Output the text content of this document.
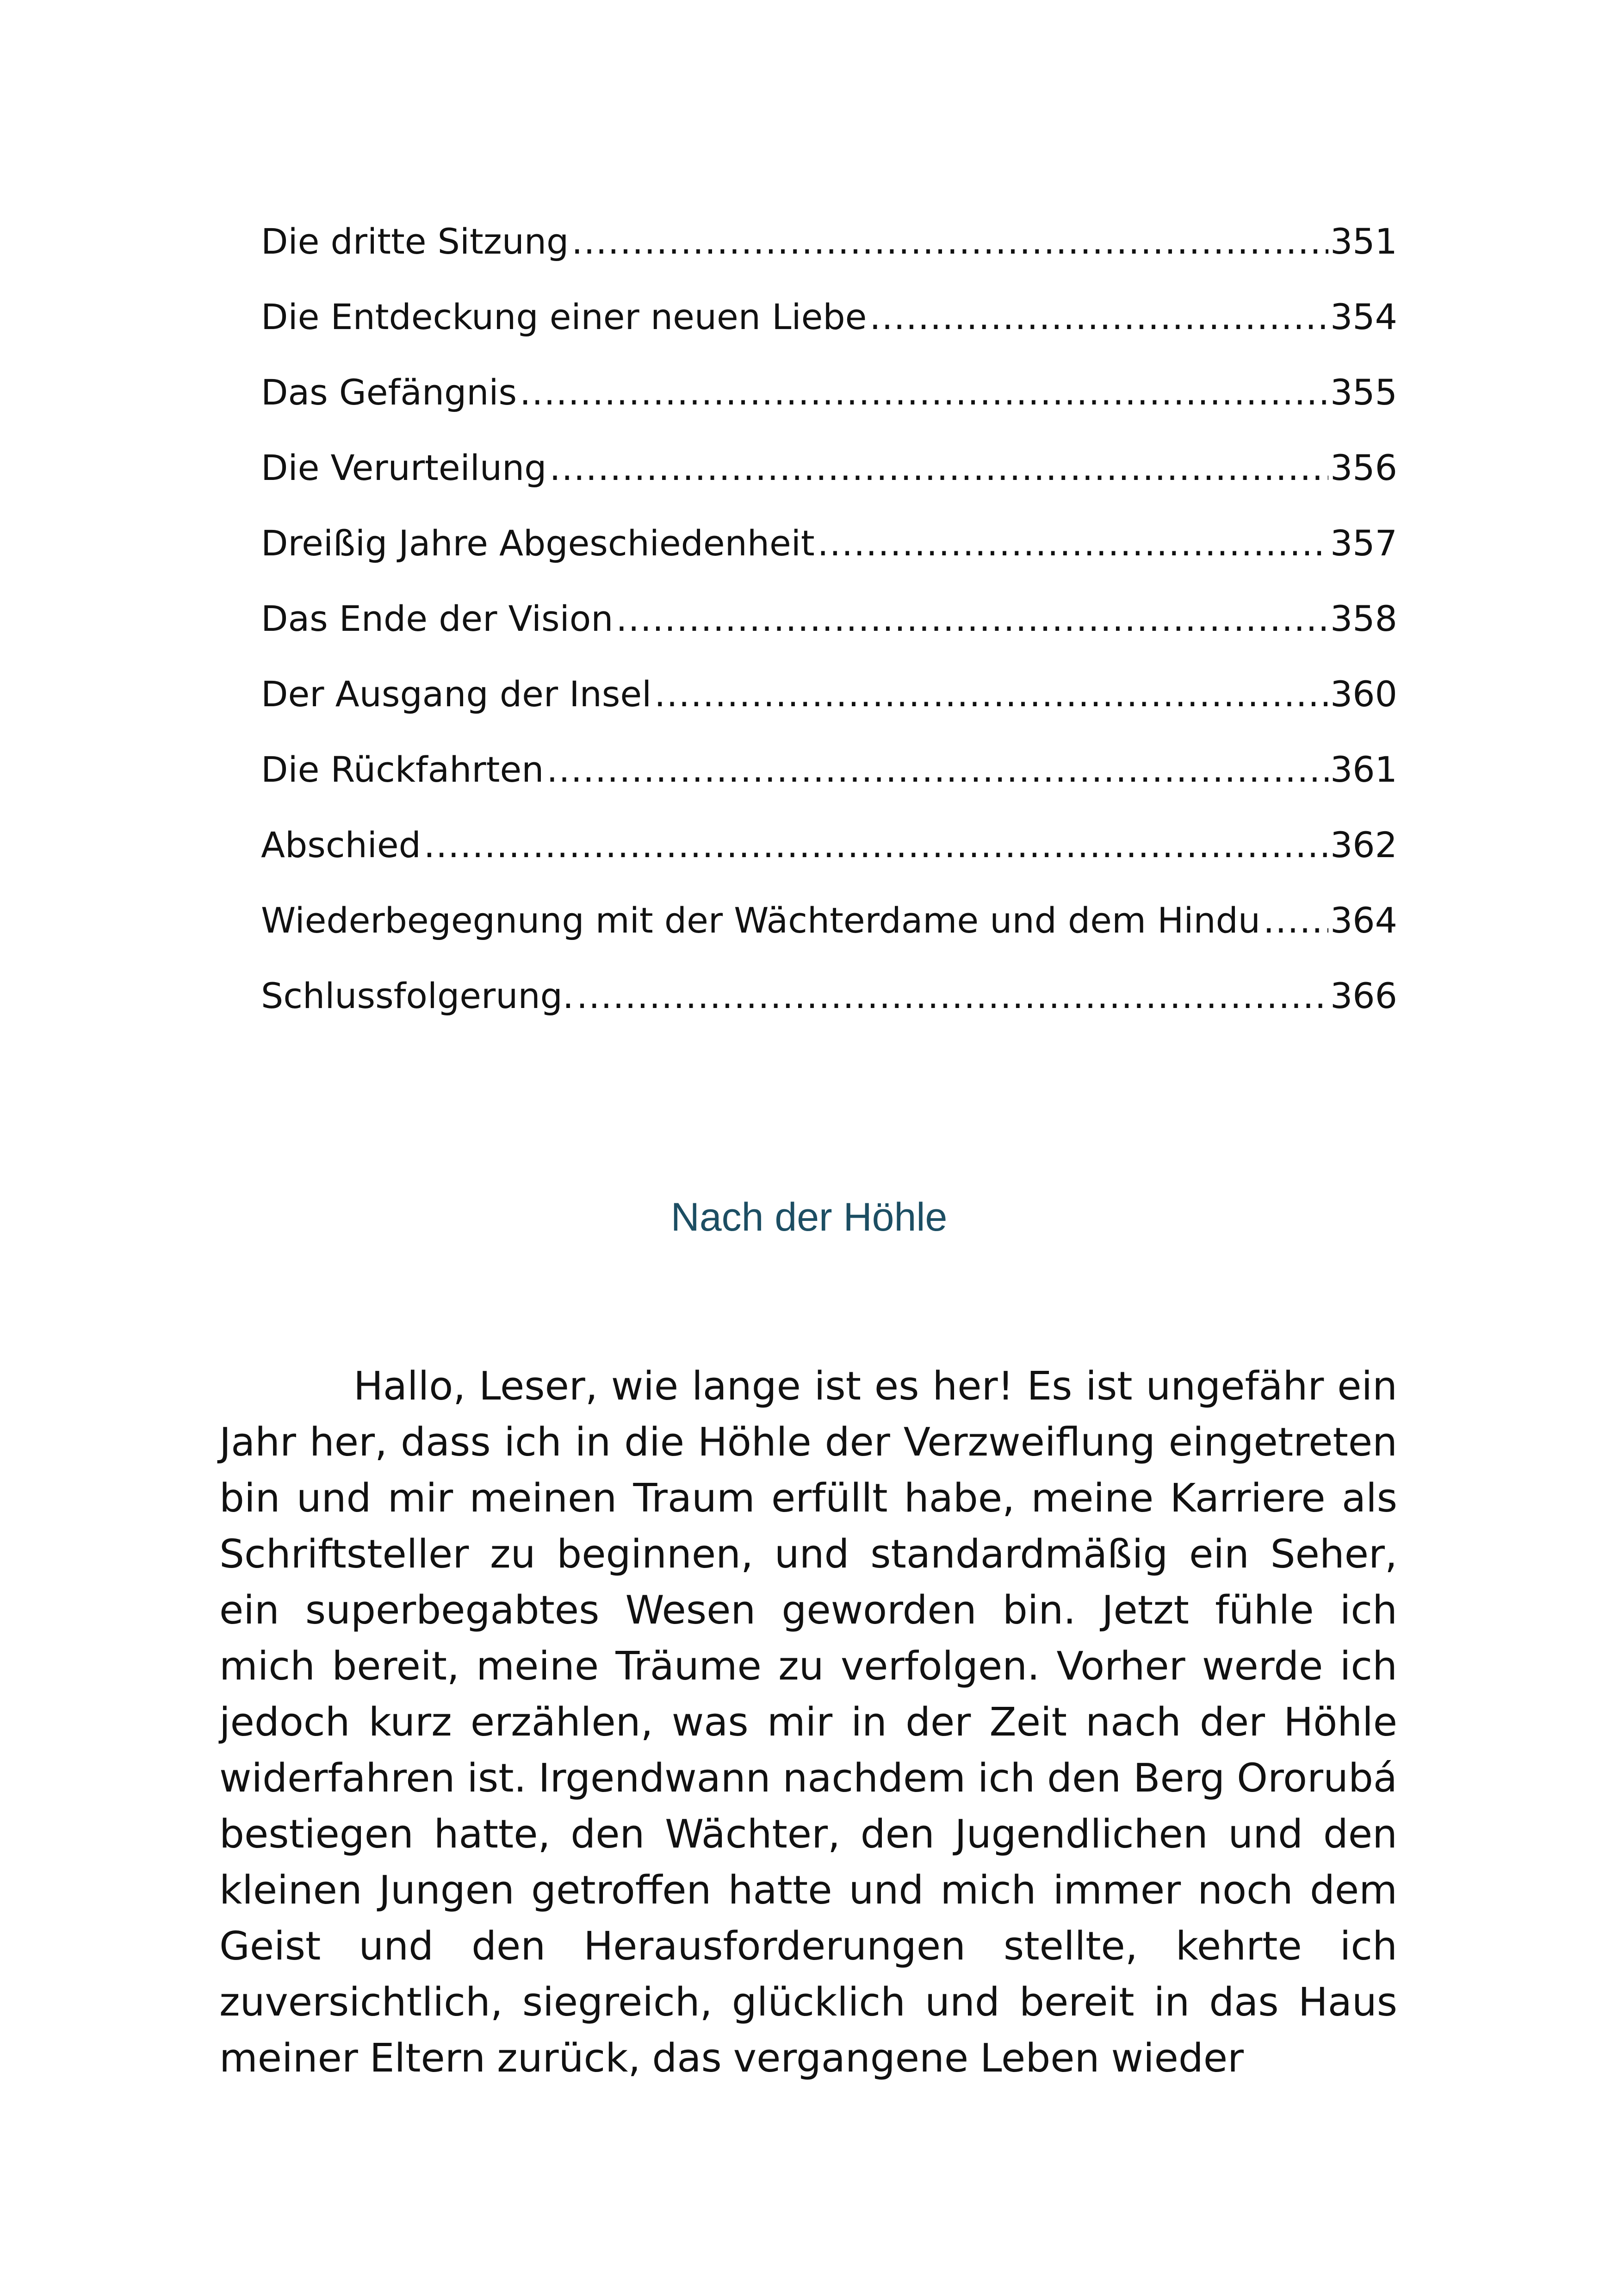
Die dritte Sitzung .....	351
Die Entdeckung einer neuen Liebe .....	354
Das Gefängnis .....	355
Die Verurteilung .....	356
Dreißig Jahre Abgeschiedenheit .....	357
Das Ende der Vision .....	358
Der Ausgang der Insel .....	360
Die Rückfahrten .....	361
Abschied .....	362
Wiederbegegnung mit der Wächterdame und dem Hindu ..... 364
Schlussfolgerung. .....	366
Nach der Höhle

Hallo, Leser, wie lange ist es her! Es ist ungefähr ein Jahr her, dass ich in die Höhle der Verzweiflung eingetreten bin und mir meinen Traum erfüllt habe, meine Karriere als Schriftsteller zu beginnen, und standardmäßig ein Seher, ein superbegabtes Wesen geworden bin. Jetzt fühle ich mich bereit, meine Träume zu verfolgen. Vorher werde ich jedoch kurz erzählen, was mir in der Zeit nach der Höhle widerfahren ist. Irgendwann nachdem ich den Berg Ororubá bestiegen hatte, den Wächter, den Jugendlichen und den kleinen Jungen getroffen hatte und mich immer noch dem Geist und den Herausforderungen stellte, kehrte ich zuversichtlich, siegreich, glücklich und bereit in das Haus meiner Eltern zurück, das vergangene Leben wieder
